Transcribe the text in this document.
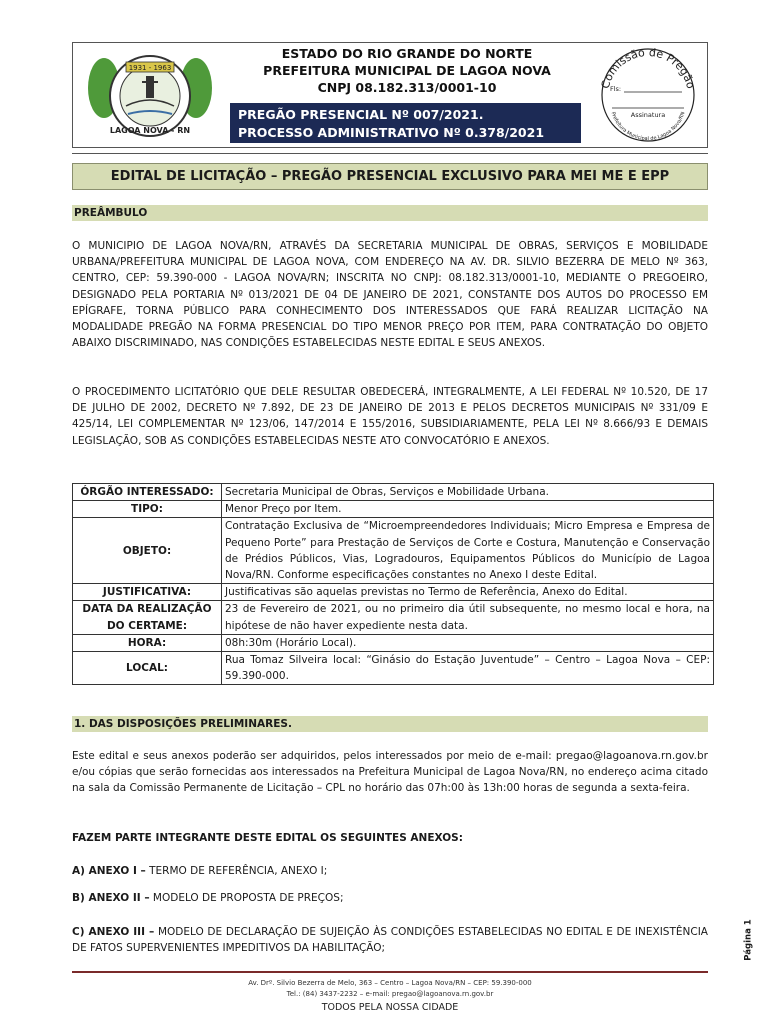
1931 - 1963
LAGOA NOVA - RN
ESTADO DO RIO GRANDE DO NORTE
PREFEITURA MUNICIPAL DE LAGOA NOVA
CNPJ 08.182.313/0001-10
PREGÃO PRESENCIAL Nº 007/2021.
PROCESSO ADMINISTRATIVO Nº 0.378/2021
Comissão de Pregão
Fls:
Assinatura
Prefeitura Municipal de Lagoa Nova/RN
EDITAL DE LICITAÇÃO – PREGÃO PRESENCIAL EXCLUSIVO PARA MEI ME E EPP
PREÂMBULO

O MUNICIPIO DE LAGOA NOVA/RN, ATRAVÉS DA SECRETARIA MUNICIPAL DE OBRAS, SERVIÇOS E MOBILIDADE URBANA/PREFEITURA MUNICIPAL DE LAGOA NOVA, COM ENDEREÇO NA AV. DR. SILVIO BEZERRA DE MELO Nº 363, CENTRO, CEP: 59.390-000 - LAGOA NOVA/RN; INSCRITA NO CNPJ: 08.182.313/0001-10, MEDIANTE O PREGOEIRO, DESIGNADO PELA PORTARIA Nº 013/2021 DE 04 DE JANEIRO DE 2021, CONSTANTE DOS AUTOS DO PROCESSO EM EPÍGRAFE, TORNA PÚBLICO PARA CONHECIMENTO DOS INTERESSADOS QUE FARÁ REALIZAR LICITAÇÃO NA MODALIDADE PREGÃO NA FORMA PRESENCIAL DO TIPO MENOR PREÇO POR ITEM, PARA CONTRATAÇÃO DO OBJETO ABAIXO DISCRIMINADO, NAS CONDIÇÕES ESTABELECIDAS NESTE EDITAL E SEUS ANEXOS.

O PROCEDIMENTO LICITATÓRIO QUE DELE RESULTAR OBEDECERÁ, INTEGRALMENTE, A LEI FEDERAL Nº 10.520, DE 17 DE JULHO DE 2002, DECRETO Nº 7.892, DE 23 DE JANEIRO DE 2013 E PELOS DECRETOS MUNICIPAIS Nº 331/09 E 425/14, LEI COMPLEMENTAR Nº 123/06, 147/2014 E 155/2016, SUBSIDIARIAMENTE, PELA LEI Nº 8.666/93 E DEMAIS LEGISLAÇÃO, SOB AS CONDIÇÕES ESTABELECIDAS NESTE ATO CONVOCATÓRIO E ANEXOS.

ÓRGÃO INTERESSADO:	Secretaria Municipal de Obras, Serviços e Mobilidade Urbana.
TIPO:	Menor Preço por Item.
OBJETO:	Contratação Exclusiva de “Microempreendedores Individuais; Micro Empresa e Empresa de Pequeno Porte” para Prestação de Serviços de Corte e Costura, Manutenção e Conservação de Prédios Públicos, Vias, Logradouros, Equipamentos Públicos do Município de Lagoa Nova/RN. Conforme especificações constantes no Anexo I deste Edital.
JUSTIFICATIVA:	Justificativas são aquelas previstas no Termo de Referência, Anexo do Edital.
DATA DA REALIZAÇÃO DO CERTAME:	23 de Fevereiro de 2021, ou no primeiro dia útil subsequente, no mesmo local e hora, na hipótese de não haver expediente nesta data.
HORA:	08h:30m (Horário Local).
LOCAL:	Rua Tomaz Silveira local: “Ginásio do Estação Juventude” – Centro – Lagoa Nova – CEP: 59.390-000.
1. DAS DISPOSIÇÕES PRELIMINARES.

Este edital e seus anexos poderão ser adquiridos, pelos interessados por meio de e-mail: pregao@lagoanova.rn.gov.br e/ou cópias que serão fornecidas aos interessados na Prefeitura Municipal de Lagoa Nova/RN, no endereço acima citado na sala da Comissão Permanente de Licitação – CPL no horário das 07h:00 às 13h:00 horas de segunda a sexta-feira.

FAZEM PARTE INTEGRANTE DESTE EDITAL OS SEGUINTES ANEXOS:

A) ANEXO I – TERMO DE REFERÊNCIA, ANEXO I;

B) ANEXO II – MODELO DE PROPOSTA DE PREÇOS;

C) ANEXO III – MODELO DE DECLARAÇÃO DE SUJEIÇÃO ÀS CONDIÇÕES ESTABELECIDAS NO EDITAL E DE INEXISTÊNCIA DE FATOS SUPERVENIENTES IMPEDITIVOS DA HABILITAÇÃO;	Página 1
Av. Drº. Silvio Bezerra de Melo, 363 – Centro – Lagoa Nova/RN – CEP: 59.390-000
Tel.: (84) 3437-2232 – e-mail: pregao@lagoanova.rn.gov.br
TODOS PELA NOSSA CIDADE
